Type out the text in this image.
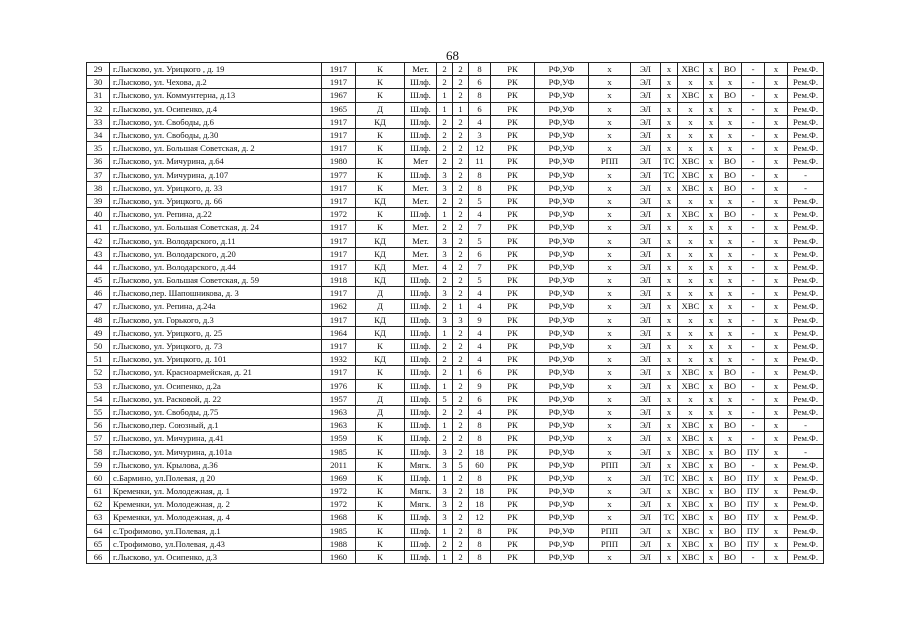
68
29	г.Лысково, ул. Урицкого , д. 19	1917	К	Мет.	2	2	8	РК	РФ,УФ	х	ЭЛ	х	ХВС	х	ВО	-	х	Рем.Ф.
30	г.Лысково, ул. Чехова, д.2	1917	К	Шлф.	2	2	6	РК	РФ,УФ	х	ЭЛ	х	х	х	х	-	х	Рем.Ф.
31	г.Лысково, ул. Коммунтерна, д.13	1967	К	Шлф.	1	2	8	РК	РФ,УФ	х	ЭЛ	х	ХВС	х	ВО	-	х	Рем.Ф.
32	г.Лысково, ул. Осипенко, д.4	1965	Д	Шлф.	1	1	6	РК	РФ,УФ	х	ЭЛ	х	х	х	х	-	х	Рем.Ф.
33	г.Лысково, ул. Свободы, д.6	1917	КД	Шлф.	2	2	4	РК	РФ,УФ	х	ЭЛ	х	х	х	х	-	х	Рем.Ф.
34	г.Лысково, ул. Свободы, д.30	1917	К	Шлф.	2	2	3	РК	РФ,УФ	х	ЭЛ	х	х	х	х	-	х	Рем.Ф.
35	г.Лысково, ул. Большая Советская, д. 2	1917	К	Шлф.	2	2	12	РК	РФ,УФ	х	ЭЛ	х	х	х	х	-	х	Рем.Ф.
36	г.Лысково, ул. Мичурина, д.64	1980	К	Мет	2	2	11	РК	РФ,УФ	РПП	ЭЛ	ТС	ХВС	х	ВО	-	х	Рем.Ф.
37	г.Лысково, ул. Мичурина, д.107	1977	К	Шлф.	3	2	8	РК	РФ,УФ	х	ЭЛ	ТС	ХВС	х	ВО	-	х	-
38	г.Лысково, ул. Урицкого, д. 33	1917	К	Мет.	3	2	8	РК	РФ,УФ	х	ЭЛ	х	ХВС	х	ВО	-	х	-
39	г.Лысково, ул. Урицкого, д. 66	1917	КД	Мет.	2	2	5	РК	РФ,УФ	х	ЭЛ	х	х	х	х	-	х	Рем.Ф.
40	г.Лысково, ул. Репина, д.22	1972	К	Шлф.	1	2	4	РК	РФ,УФ	х	ЭЛ	х	ХВС	х	ВО	-	х	Рем.Ф.
41	г.Лысково, ул. Большая Советская, д. 24	1917	К	Мет.	2	2	7	РК	РФ,УФ	х	ЭЛ	х	х	х	х	-	х	Рем.Ф.
42	г.Лысково, ул. Володарского, д.11	1917	КД	Мет.	3	2	5	РК	РФ,УФ	х	ЭЛ	х	х	х	х	-	х	Рем.Ф.
43	г.Лысково, ул. Володарского, д.20	1917	КД	Мет.	3	2	6	РК	РФ,УФ	х	ЭЛ	х	х	х	х	-	х	Рем.Ф.
44	г.Лысково, ул. Володарского, д.44	1917	КД	Мет.	4	2	7	РК	РФ,УФ	х	ЭЛ	х	х	х	х	-	х	Рем.Ф.
45	г.Лысково, ул. Большая Советская, д. 59	1918	КД	Шлф.	2	2	5	РК	РФ,УФ	х	ЭЛ	х	х	х	х	-	х	Рем.Ф.
46	г.Лысково,пер. Шапошникова, д. 3	1917	Д	Шлф.	3	2	4	РК	РФ,УФ	х	ЭЛ	х	х	х	х	-	х	Рем.Ф.
47	г.Лысково, ул. Репина, д.24а	1962	Д	Шлф.	2	1	4	РК	РФ,УФ	х	ЭЛ	х	ХВС	х	х	-	х	Рем.Ф.
48	г.Лысково, ул. Горького, д.3	1917	КД	Шлф.	3	3	9	РК	РФ,УФ	х	ЭЛ	х	х	х	х	-	х	Рем.Ф.
49	г.Лысково, ул. Урицкого, д. 25	1964	КД	Шлф.	1	2	4	РК	РФ,УФ	х	ЭЛ	х	х	х	х	-	х	Рем.Ф.
50	г.Лысково, ул. Урицкого, д. 73	1917	К	Шлф.	2	2	4	РК	РФ,УФ	х	ЭЛ	х	х	х	х	-	х	Рем.Ф.
51	г.Лысково, ул. Урицкого, д. 101	1932	КД	Шлф.	2	2	4	РК	РФ,УФ	х	ЭЛ	х	х	х	х	-	х	Рем.Ф.
52	г.Лысково, ул. Красноармейская, д. 21	1917	К	Шлф.	2	1	6	РК	РФ,УФ	х	ЭЛ	х	ХВС	х	ВО	-	х	Рем.Ф.
53	г.Лысково, ул. Осипенко, д.2а	1976	К	Шлф.	1	2	9	РК	РФ,УФ	х	ЭЛ	х	ХВС	х	ВО	-	х	Рем.Ф.
54	г.Лысково, ул. Расковой, д. 22	1957	Д	Шлф.	5	2	6	РК	РФ,УФ	х	ЭЛ	х	х	х	х	-	х	Рем.Ф.
55	г.Лысково, ул. Свободы, д.75	1963	Д	Шлф.	2	2	4	РК	РФ,УФ	х	ЭЛ	х	х	х	х	-	х	Рем.Ф.
56	г.Лысково,пер. Союзный, д.1	1963	К	Шлф.	1	2	8	РК	РФ,УФ	х	ЭЛ	х	ХВС	х	ВО	-	х	-
57	г.Лысково, ул. Мичурина, д.41	1959	К	Шлф.	2	2	8	РК	РФ,УФ	х	ЭЛ	х	ХВС	х	х	-	х	Рем.Ф.
58	г.Лысково, ул. Мичурина, д.101а	1985	К	Шлф.	3	2	18	РК	РФ,УФ	х	ЭЛ	х	ХВС	х	ВО	ПУ	х	-
59	г.Лысково, ул. Крылова, д.36	2011	К	Мягк.	3	5	60	РК	РФ,УФ	РПП	ЭЛ	х	ХВС	х	ВО	-	х	Рем.Ф.
60	с.Бармино, ул.Полевая, д 20	1969	К	Шлф.	1	2	8	РК	РФ,УФ	х	ЭЛ	ТС	ХВС	х	ВО	ПУ	х	Рем.Ф.
61	Кременки, ул. Молодежная, д. 1	1972	К	Мягк.	3	2	18	РК	РФ,УФ	х	ЭЛ	х	ХВС	х	ВО	ПУ	х	Рем.Ф.
62	Кременки, ул. Молодежная, д. 2	1972	К	Мягк.	3	2	18	РК	РФ,УФ	х	ЭЛ	х	ХВС	х	ВО	ПУ	х	Рем.Ф.
63	Кременки, ул. Молодежная, д. 4	1968	К	Шлф.	3	2	12	РК	РФ,УФ	х	ЭЛ	ТС	ХВС	х	ВО	ПУ	х	Рем.Ф.
64	с.Трофимово, ул.Полевая, д.1	1985	К	Шлф.	1	2	8	РК	РФ,УФ	РПП	ЭЛ	х	ХВС	х	ВО	ПУ	х	Рем.Ф.
65	с.Трофимово, ул.Полевая, д.43	1988	К	Шлф.	2	2	8	РК	РФ,УФ	РПП	ЭЛ	х	ХВС	х	ВО	ПУ	х	Рем.Ф.
66	г.Лысково, ул. Осипенко, д.3	1960	К	Шлф.	1	2	8	РК	РФ,УФ	х	ЭЛ	х	ХВС	х	ВО	-	х	Рем.Ф.
